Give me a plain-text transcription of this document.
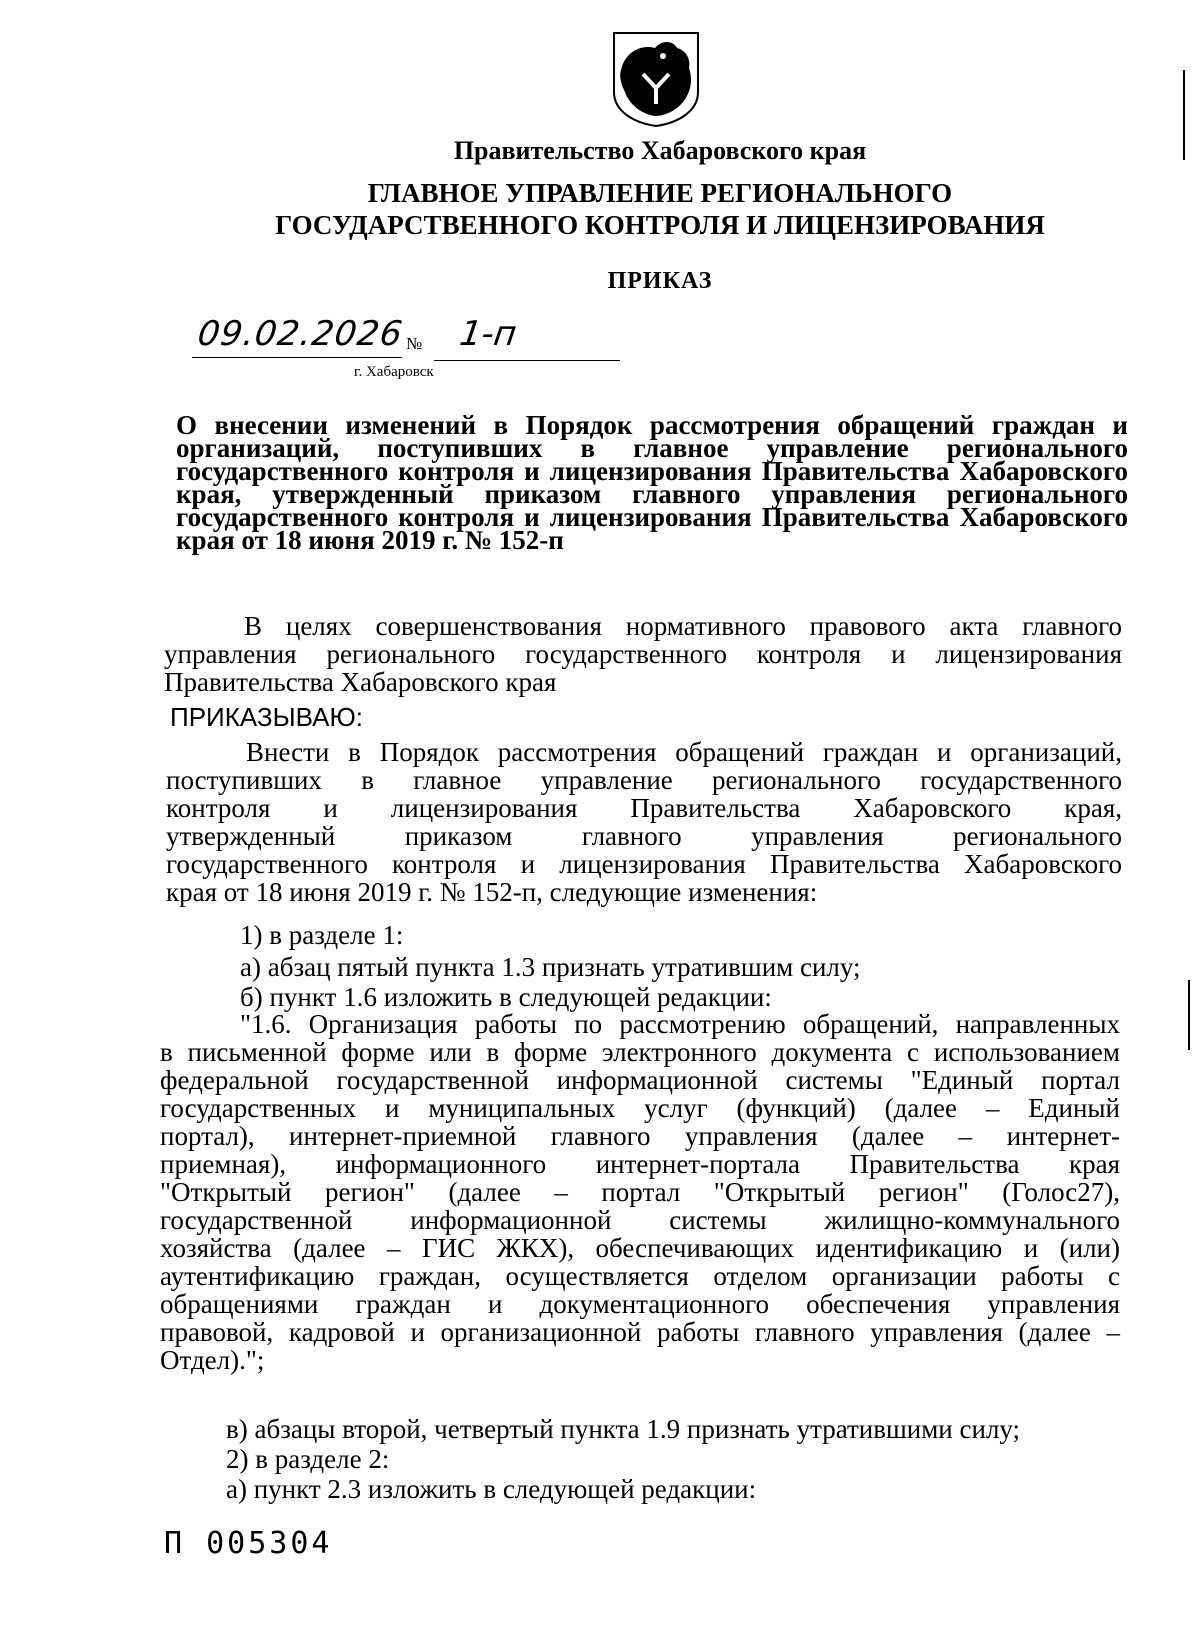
Правительство Хабаровского края
ГЛАВНОЕ УПРАВЛЕНИЕ РЕГИОНАЛЬНОГО
ГОСУДАРСТВЕННОГО КОНТРОЛЯ И ЛИЦЕНЗИРОВАНИЯ
ПРИКАЗ
09.02.2026 № 1-п
г. Хабаровск
О внесении изменений в Порядок рассмотрения обращений граждан и
организаций, поступивших в главное управление регионального
государственного контроля и лицензирования Правительства Хабаровского
края, утвержденный приказом главного управления регионального
государственного контроля и лицензирования Правительства Хабаровского
края от 18 июня 2019 г. № 152-п
В целях совершенствования нормативного правового акта главного
управления регионального государственного контроля и лицензирования
Правительства Хабаровского края
ПРИКАЗЫВАЮ:
Внести в Порядок рассмотрения обращений граждан и организаций,
поступивших в главное управление регионального государственного
контроля и лицензирования Правительства Хабаровского края,
утвержденный приказом главного управления регионального
государственного контроля и лицензирования Правительства Хабаровского
края от 18 июня 2019 г. № 152-п, следующие изменения:
1) в разделе 1:
а) абзац пятый пункта 1.3 признать утратившим силу;
б) пункт 1.6 изложить в следующей редакции:
"1.6. Организация работы по рассмотрению обращений, направленных
в письменной форме или в форме электронного документа с использованием
федеральной государственной информационной системы "Единый портал
государственных и муниципальных услуг (функций) (далее – Единый
портал), интернет-приемной главного управления (далее – интернет-
приемная), информационного интернет-портала Правительства края
"Открытый регион" (далее – портал "Открытый регион" (Голос27),
государственной информационной системы жилищно-коммунального
хозяйства (далее – ГИС ЖКХ), обеспечивающих идентификацию и (или)
аутентификацию граждан, осуществляется отделом организации работы с
обращениями граждан и документационного обеспечения управления
правовой, кадровой и организационной работы главного управления (далее –
Отдел).";
в) абзацы второй, четвертый пункта 1.9 признать утратившими силу;
2) в разделе 2:
а) пункт 2.3 изложить в следующей редакции:
П 005304
